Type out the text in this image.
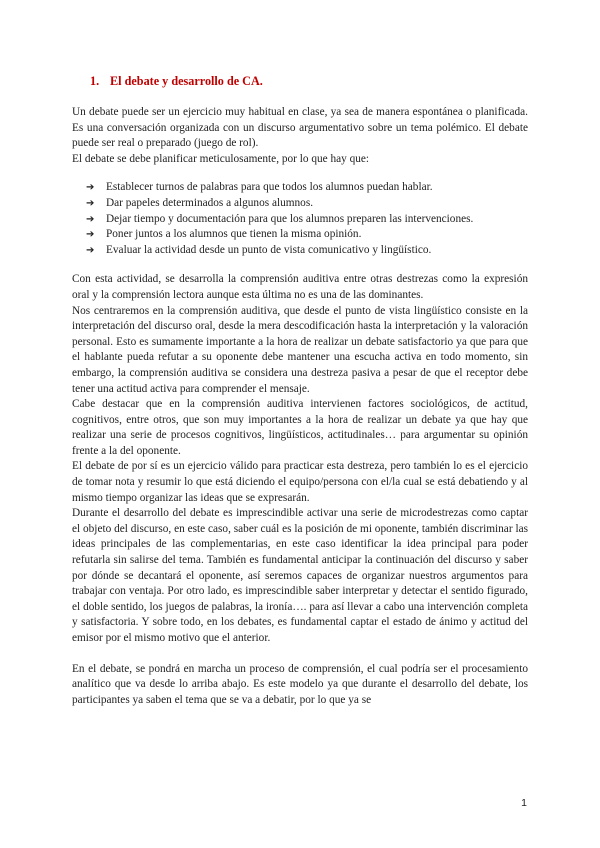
1. El debate y desarrollo de CA.

Un debate puede ser un ejercicio muy habitual en clase, ya sea de manera espontánea o planificada. Es una conversación organizada con un discurso argumentativo sobre un tema polémico. El debate puede ser real o preparado (juego de rol).

El debate se debe planificar meticulosamente, por lo que hay que:

➔	Establecer turnos de palabras para que todos los alumnos puedan hablar.
➔	Dar papeles determinados a algunos alumnos.
➔	Dejar tiempo y documentación para que los alumnos preparen las intervenciones.
➔	Poner juntos a los alumnos que tienen la misma opinión.
➔	Evaluar la actividad desde un punto de vista comunicativo y lingüístico.

Con esta actividad, se desarrolla la comprensión auditiva entre otras destrezas como la expresión oral y la comprensión lectora aunque esta última no es una de las dominantes.

Nos centraremos en la comprensión auditiva, que desde el punto de vista lingüístico consiste en la interpretación del discurso oral, desde la mera descodificación hasta la interpretación y la valoración personal. Esto es sumamente importante a la hora de realizar un debate satisfactorio ya que para que el hablante pueda refutar a su oponente debe mantener una escucha activa en todo momento, sin embargo, la comprensión auditiva se considera una destreza pasiva a pesar de que el receptor debe tener una actitud activa para comprender el mensaje.

Cabe destacar que en la comprensión auditiva intervienen factores sociológicos, de actitud, cognitivos, entre otros, que son muy importantes a la hora de realizar un debate ya que hay que realizar una serie de procesos cognitivos, lingüísticos, actitudinales… para argumentar su opinión frente a la del oponente.

El debate de por sí es un ejercicio válido para practicar esta destreza, pero también lo es el ejercicio de tomar nota y resumir lo que está diciendo el equipo/persona con el/la cual se está debatiendo y al mismo tiempo organizar las ideas que se expresarán.

Durante el desarrollo del debate es imprescindible activar una serie de microdestrezas como captar el objeto del discurso, en este caso, saber cuál es la posición de mi oponente, también discriminar las ideas principales de las complementarias, en este caso identificar la idea principal para poder refutarla sin salirse del tema. También es fundamental anticipar la continuación del discurso y saber por dónde se decantará el oponente, así seremos capaces de organizar nuestros argumentos para trabajar con ventaja. Por otro lado, es imprescindible saber interpretar y detectar el sentido figurado, el doble sentido, los juegos de palabras, la ironía…. para así llevar a cabo una intervención completa y satisfactoria. Y sobre todo, en los debates, es fundamental captar el estado de ánimo y actitud del emisor por el mismo motivo que el anterior.

En el debate, se pondrá en marcha un proceso de comprensión, el cual podría ser el procesamiento analítico que va desde lo arriba abajo. Es este modelo ya que durante el desarrollo del debate, los participantes ya saben el tema que se va a debatir, por lo que ya se

1
